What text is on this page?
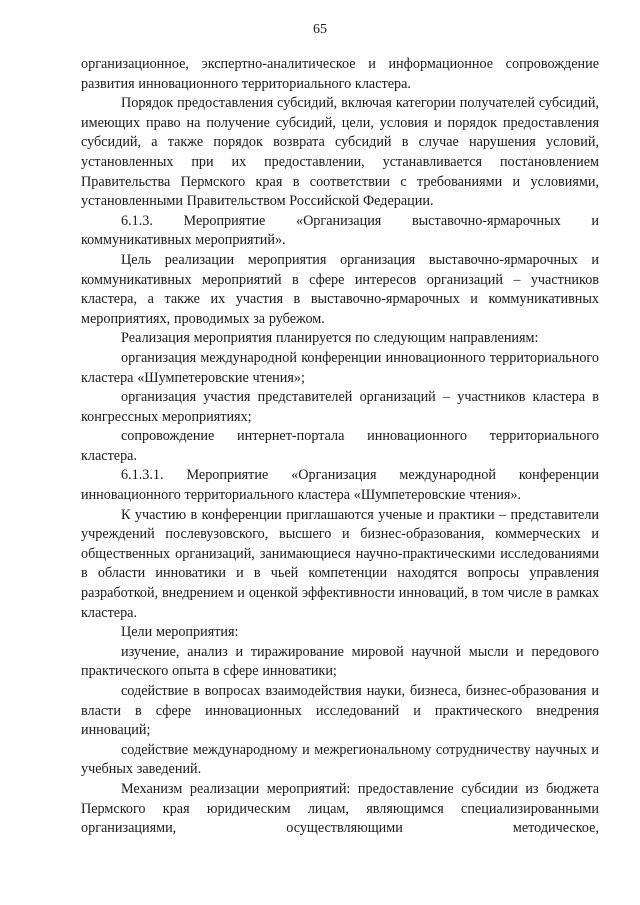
65

организационное, экспертно-аналитическое и информационное сопровождение развития инновационного территориального кластера.

Порядок предоставления субсидий, включая категории получателей субсидий, имеющих право на получение субсидий, цели, условия и порядок предоставления субсидий, а также порядок возврата субсидий в случае нарушения условий, установленных при их предоставлении, устанавливается постановлением Правительства Пермского края в соответствии с требованиями и условиями, установленными Правительством Российской Федерации.

6.1.3. Мероприятие «Организация выставочно-ярмарочных и коммуникативных мероприятий».

Цель реализации мероприятия организация выставочно-ярмарочных и коммуникативных мероприятий в сфере интересов организаций – участников кластера, а также их участия в выставочно-ярмарочных и коммуникативных мероприятиях, проводимых за рубежом.

Реализация мероприятия планируется по следующим направлениям:

организация международной конференции инновационного территориального кластера «Шумпетеровские чтения»;

организация участия представителей организаций – участников кластера в конгрессных мероприятиях;

сопровождение интернет-портала инновационного территориального кластера.

6.1.3.1. Мероприятие «Организация международной конференции инновационного территориального кластера «Шумпетеровские чтения».

К участию в конференции приглашаются ученые и практики – представители учреждений послевузовского, высшего и бизнес-образования, коммерческих и общественных организаций, занимающиеся научно-практическими исследованиями в области инноватики и в чьей компетенции находятся вопросы управления разработкой, внедрением и оценкой эффективности инноваций, в том числе в рамках кластера.

Цели мероприятия:

изучение, анализ и тиражирование мировой научной мысли и передового практического опыта в сфере инноватики;

содействие в вопросах взаимодействия науки, бизнеса, бизнес-образования и власти в сфере инновационных исследований и практического внедрения инноваций;

содействие международному и межрегиональному сотрудничеству научных и учебных заведений.

Механизм реализации мероприятий: предоставление субсидии из бюджета Пермского края юридическим лицам, являющимся специализированными организациями, осуществляющими методическое,
